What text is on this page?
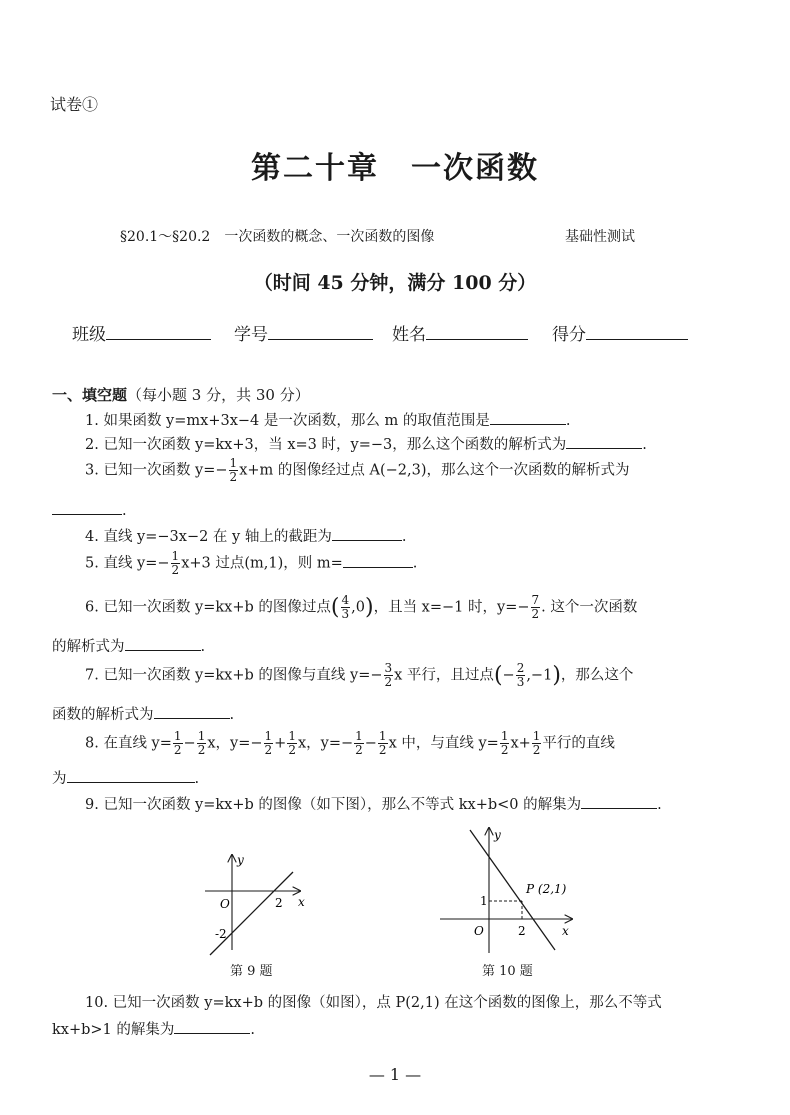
试卷①
第二十章　一次函数
§20.1～§20.2　一次函数的概念、一次函数的图像	基础性测试
（时间 45 分钟，满分 100 分）
班级	学号	姓名	得分
一、填空题（每小题 3 分，共 30 分）
1. 如果函数 y=mx+3x−4 是一次函数，那么 m 的取值范围是	.
2. 已知一次函数 y=kx+3，当 x=3 时，y=−3，那么这个函数的解析式为	.
3. 已知一次函数 $y=- \frac{1}{2} x+m$ 的图像经过点 A(−2,3)，那么这个一次函数的解析式为
.
4. 直线 y=−3x−2 在 y 轴上的截距为	.
5. 直线 $y=- \frac{1}{2} x+3$ 过点(m,1)，则 m=	.
6. 已知一次函数 y=kx+b 的图像过点( $\frac{4}{3} ,0$)，且当 x=−1 时，$y=- \frac{7}{2}$ . 这个一次函数
的解析式为	.
7. 已知一次函数 y=kx+b 的图像与直线 $y=- \frac{3}{2}$ x 平行，且过点(− $\frac{2}{3} ,-1$)，那么这个
函数的解析式为	.
8. 在直线 $y= \frac{1}{2} - \frac{1}{2}$ x，$y=- \frac{1}{2} + \frac{1}{2}$ x，$y=- \frac{1}{2} - \frac{1}{2}$ x 中，与直线 $y= \frac{1}{2} x+ \frac{1}{2}$ 平行的直线
为	.
9. 已知一次函数 y=kx+b 的图像（如下图），那么不等式 kx+b<0 的解集为	.
y
x
O	2
-2
第 9 题
y
x
O
1
2
P (2,1)
第 10 题
10. 已知一次函数 y=kx+b 的图像（如图），点 P(2,1) 在这个函数的图像上，那么不等式
kx+b>1 的解集为	.
— 1 —
